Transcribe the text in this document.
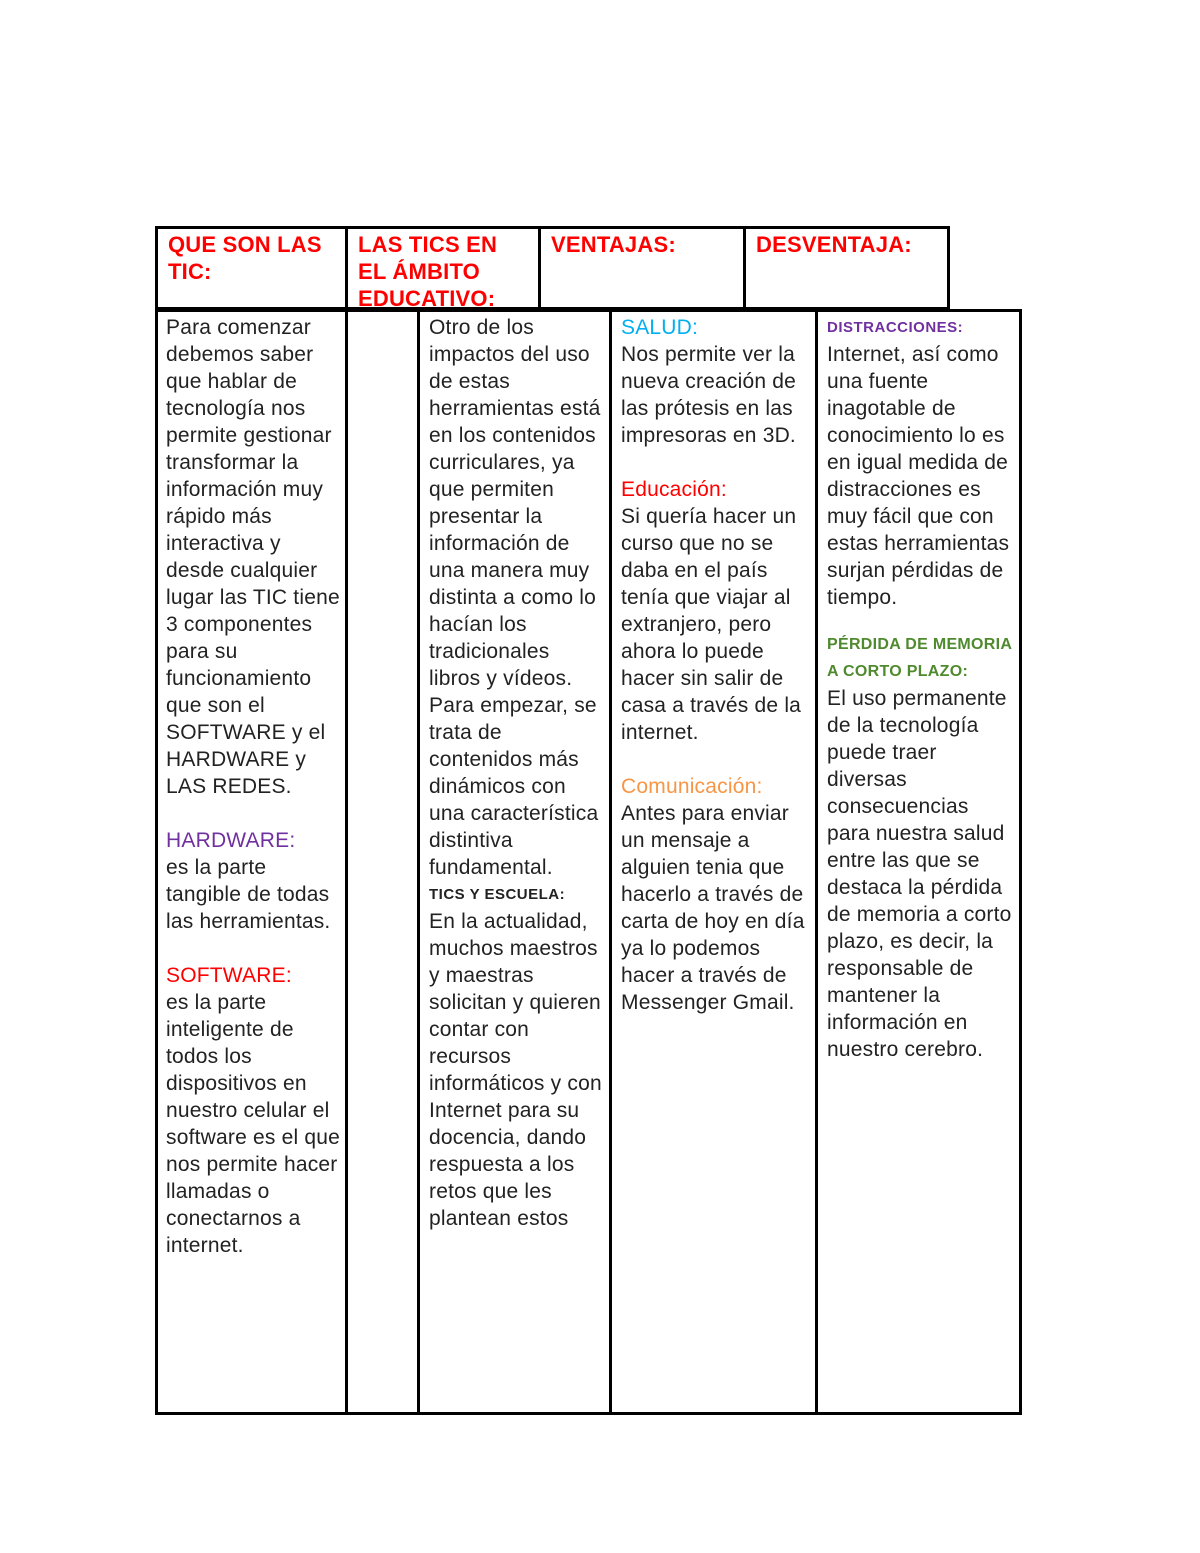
QUE SON LAS TIC:
LAS TICS EN EL ÁMBITO EDUCATIVO:
VENTAJAS:	DESVENTAJA:

Para comenzar debemos saber que hablar de tecnología nos permite gestionar transformar la información muy rápido más interactiva y desde cualquier lugar las TIC tiene 3 componentes para su funcionamiento que son el SOFTWARE y el HARDWARE y LAS REDES.

HARDWARE:

es la parte tangible de todas las herramientas.

SOFTWARE:

es la parte inteligente de todos los dispositivos en nuestro celular el software es el que nos permite hacer llamadas o conectarnos a internet.

Otro de los impactos del uso de estas herramientas está en los contenidos curriculares, ya que permiten presentar la información de una manera muy distinta a como lo hacían los tradicionales libros y vídeos. Para empezar, se trata de contenidos más dinámicos con una característica distintiva fundamental.

TICS Y ESCUELA:

En la actualidad, muchos maestros y maestras solicitan y quieren contar con recursos informáticos y con Internet para su docencia, dando respuesta a los retos que les plantean estos

SALUD:

Nos permite ver la nueva creación de las prótesis en las impresoras en 3D.

Educación:

Si quería hacer un curso que no se daba en el país tenía que viajar al extranjero, pero ahora lo puede hacer sin salir de casa a través de la internet.

Comunicación:

Antes para enviar un mensaje a alguien tenia que hacerlo a través de carta de hoy en día ya lo podemos hacer a través de Messenger Gmail.

DISTRACCIONES:

Internet, así como una fuente inagotable de conocimiento lo es en igual medida de distracciones es muy fácil que con estas herramientas surjan pérdidas de tiempo.

PÉRDIDA DE MEMORIA A CORTO PLAZO:

El uso permanente de la tecnología puede traer diversas consecuencias para nuestra salud entre las que se destaca la pérdida de memoria a corto plazo, es decir, la responsable de mantener la información en nuestro cerebro.
